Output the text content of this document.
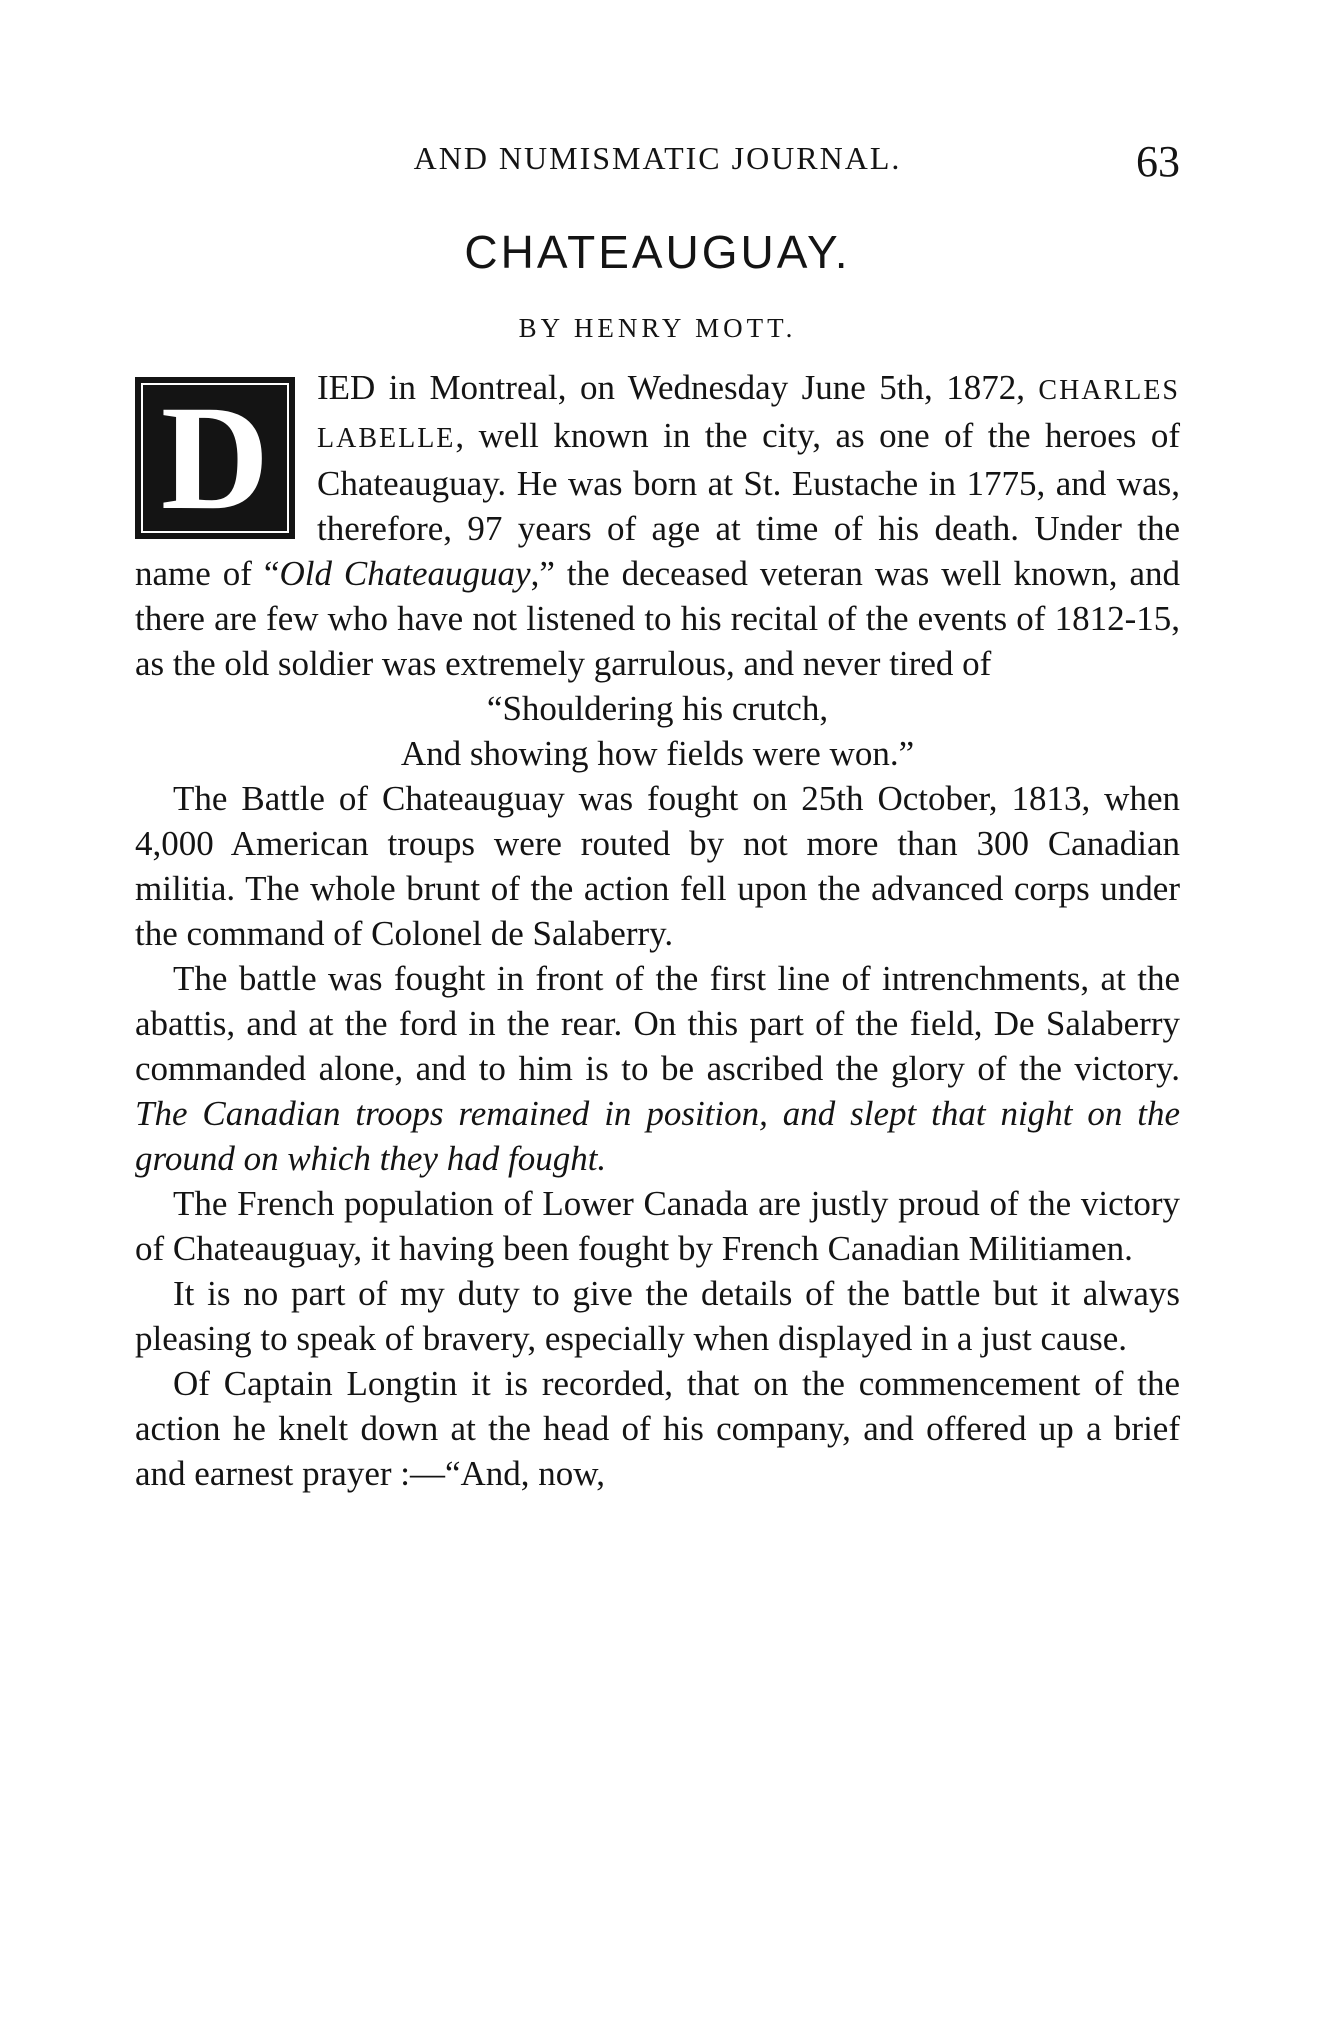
AND NUMISMATIC JOURNAL.	63
CHATEAUGUAY.
BY HENRY MOTT.
D	IED in Montreal, on Wednesday June 5th, 1872, CHARLES LABELLE, well known in the city, as one of the heroes of Chateauguay. He was born at St. Eustache in 1775, and was, therefore, 97 years of age at time of his death. Under the name of “Old Chateauguay,” the deceased veteran was well known, and there are few who have not listened to his recital of the events of 1812-15, as the old soldier was extremely garrulous, and never tired of

“Shouldering his crutch,
And showing how fields were won.”

The Battle of Chateauguay was fought on 25th October, 1813, when 4,000 American troups were routed by not more than 300 Canadian militia. The whole brunt of the action fell upon the advanced corps under the command of Colonel de Salaberry.

The battle was fought in front of the first line of intrenchments, at the abattis, and at the ford in the rear. On this part of the field, De Salaberry commanded alone, and to him is to be ascribed the glory of the victory. The Canadian troops remained in position, and slept that night on the ground on which they had fought.

The French population of Lower Canada are justly proud of the victory of Chateauguay, it having been fought by French Canadian Militiamen.

It is no part of my duty to give the details of the battle but it always pleasing to speak of bravery, especially when displayed in a just cause.

Of Captain Longtin it is recorded, that on the commencement of the action he knelt down at the head of his company, and offered up a brief and earnest prayer :—“And, now,
